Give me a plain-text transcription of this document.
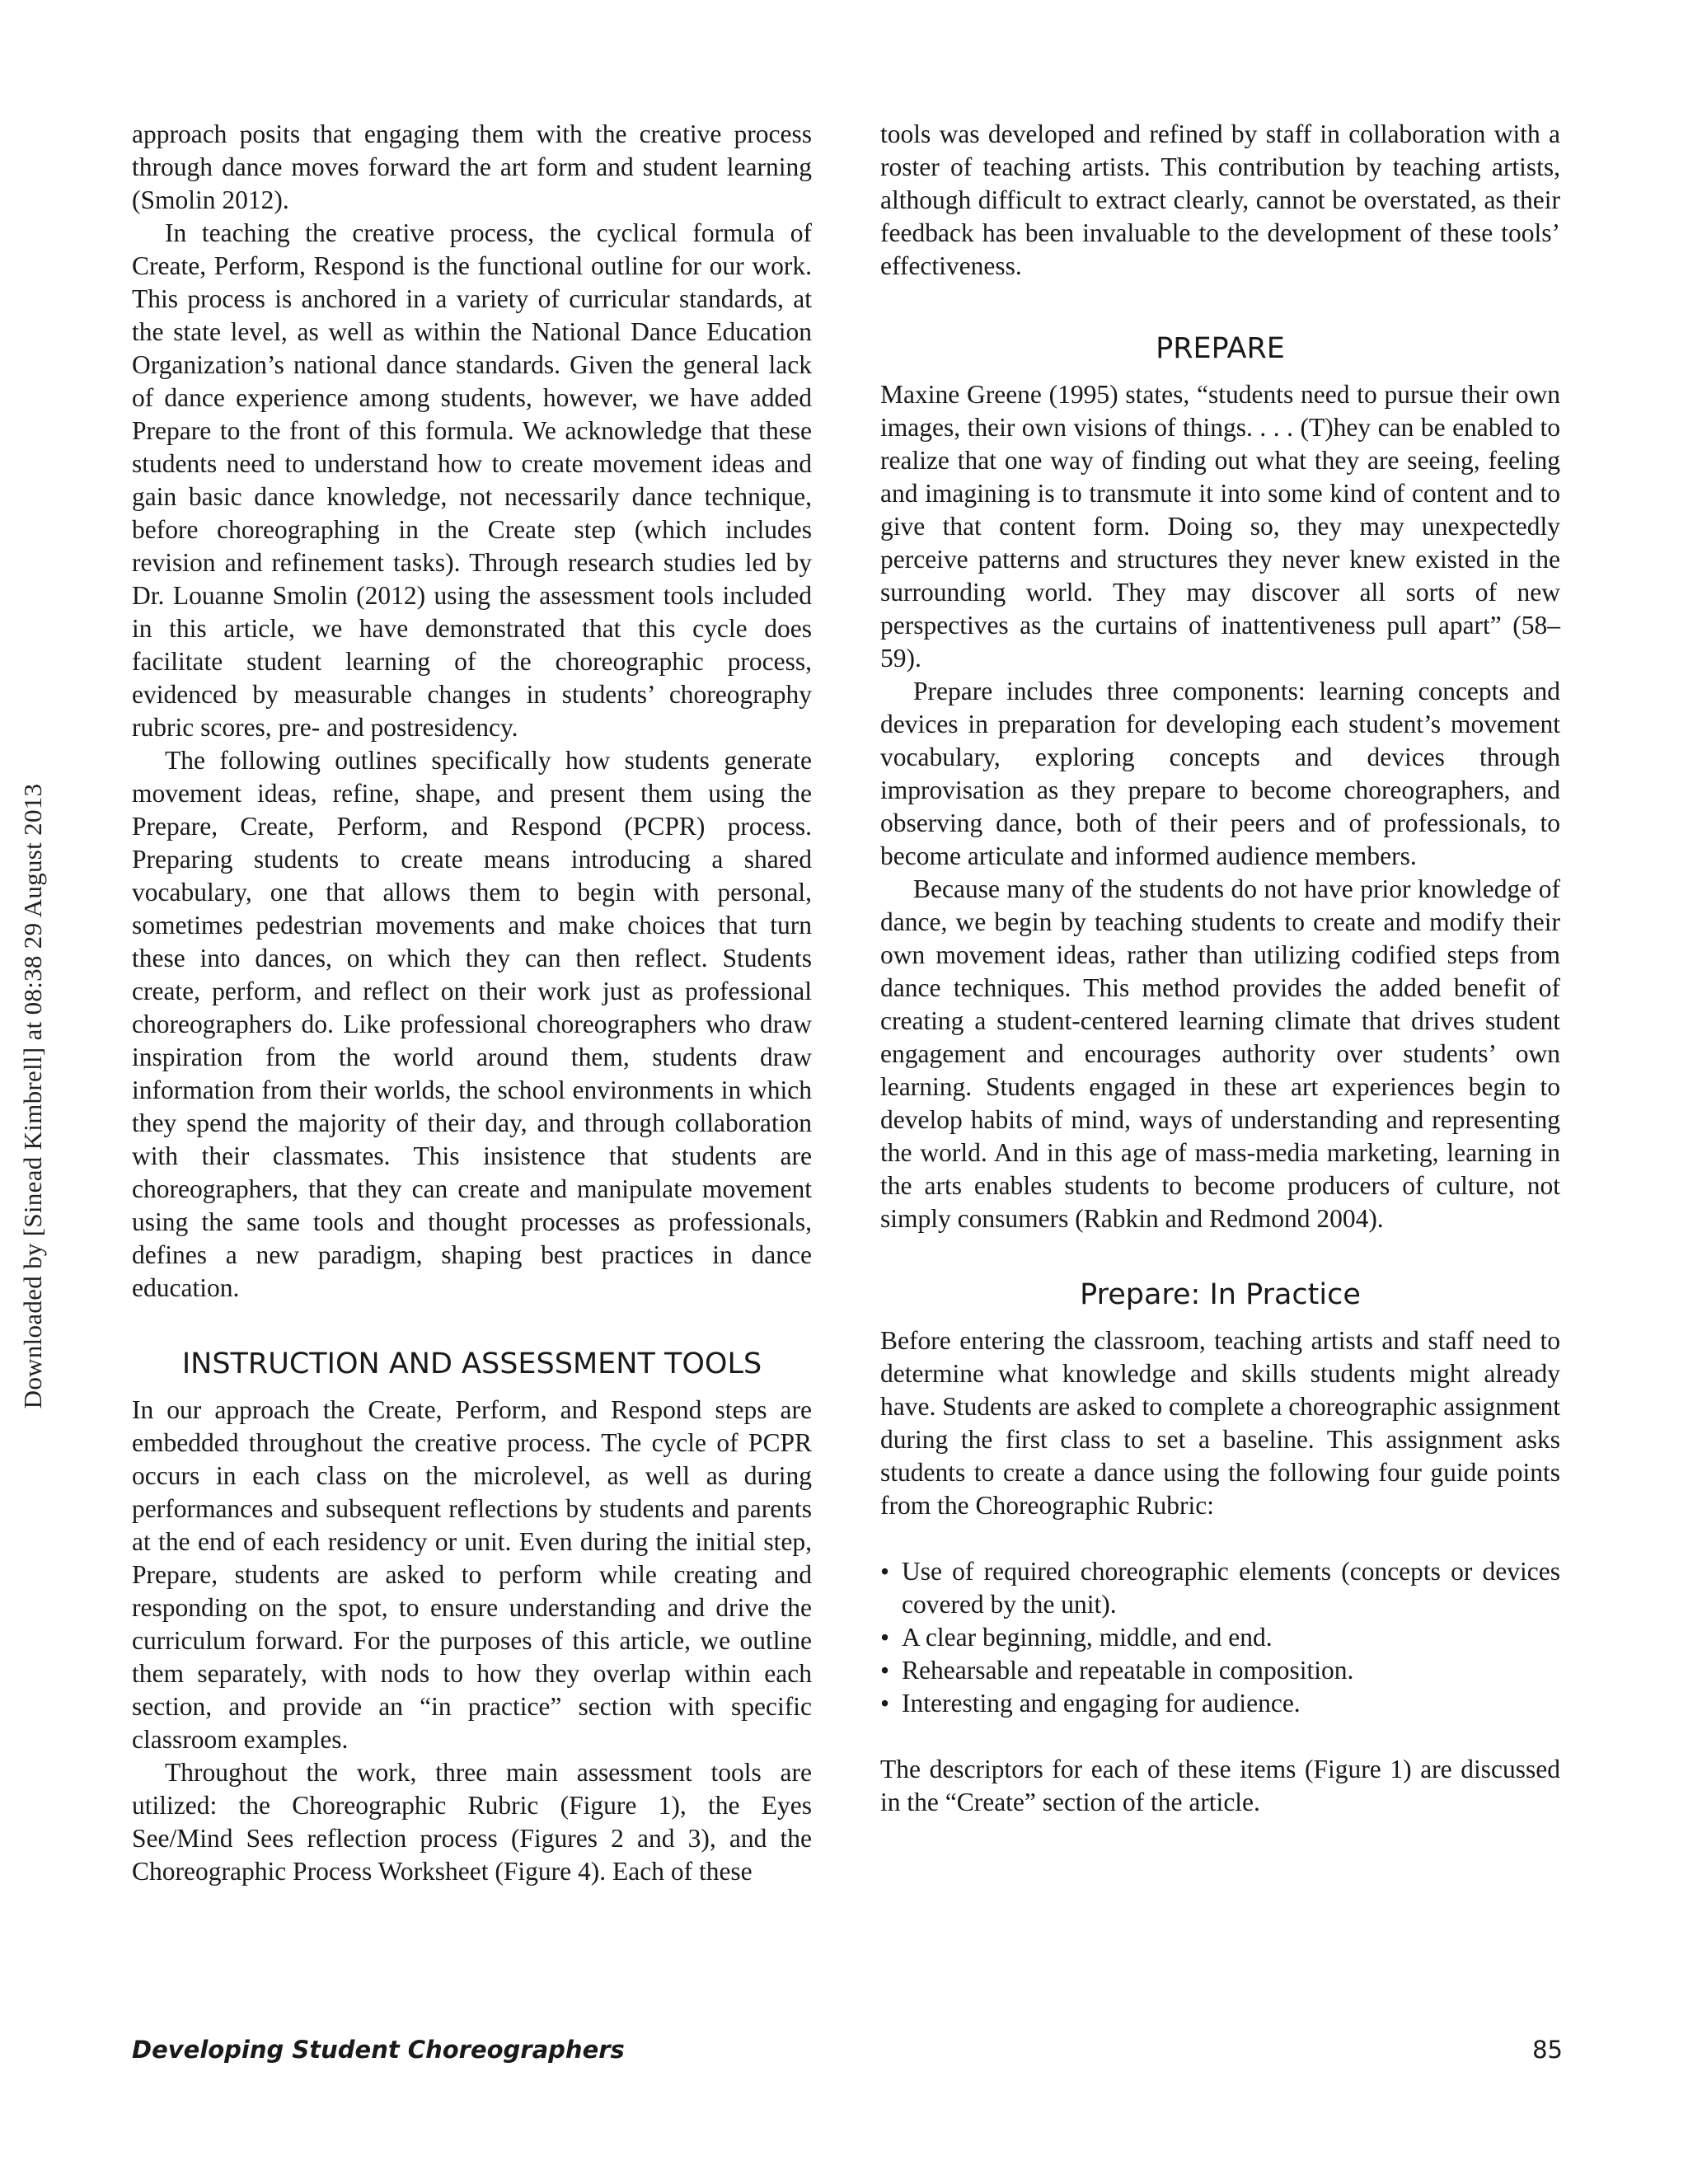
Downloaded by [Sinead Kimbrell] at 08:38 29 August 2013

approach posits that engaging them with the creative process through dance moves forward the art form and student learning (Smolin 2012).

In teaching the creative process, the cyclical formula of Create, Perform, Respond is the functional outline for our work. This process is anchored in a variety of curricular standards, at the state level, as well as within the National Dance Education Organization’s national dance standards. Given the general lack of dance experience among students, however, we have added Prepare to the front of this formula. We acknowledge that these students need to understand how to create movement ideas and gain basic dance knowledge, not necessarily dance technique, before choreographing in the Create step (which includes revision and refinement tasks). Through research studies led by Dr. Louanne Smolin (2012) using the assessment tools included in this article, we have demonstrated that this cycle does facilitate student learning of the choreographic process, evidenced by measurable changes in students’ choreography rubric scores, pre- and postresidency.

The following outlines specifically how students generate movement ideas, refine, shape, and present them using the Prepare, Create, Perform, and Respond (PCPR) process. Preparing students to create means introducing a shared vocabulary, one that allows them to begin with personal, sometimes pedestrian movements and make choices that turn these into dances, on which they can then reflect. Students create, perform, and reflect on their work just as professional choreographers do. Like professional choreographers who draw inspiration from the world around them, students draw information from their worlds, the school environments in which they spend the majority of their day, and through collaboration with their classmates. This insistence that students are choreographers, that they can create and manipulate movement using the same tools and thought processes as professionals, defines a new paradigm, shaping best practices in dance education.

INSTRUCTION AND ASSESSMENT TOOLS

In our approach the Create, Perform, and Respond steps are embedded throughout the creative process. The cycle of PCPR occurs in each class on the microlevel, as well as during performances and subsequent reflections by students and parents at the end of each residency or unit. Even during the initial step, Prepare, students are asked to perform while creating and responding on the spot, to ensure understanding and drive the curriculum forward. For the purposes of this article, we outline them separately, with nods to how they overlap within each section, and provide an “in practice” section with specific classroom examples.

Throughout the work, three main assessment tools are utilized: the Choreographic Rubric (Figure 1), the Eyes See/Mind Sees reflection process (Figures 2 and 3), and the Choreographic Process Worksheet (Figure 4). Each of these

tools was developed and refined by staff in collaboration with a roster of teaching artists. This contribution by teaching artists, although difficult to extract clearly, cannot be overstated, as their feedback has been invaluable to the development of these tools’ effectiveness.

PREPARE

Maxine Greene (1995) states, “students need to pursue their own images, their own visions of things. . . . (T)hey can be enabled to realize that one way of finding out what they are seeing, feeling and imagining is to transmute it into some kind of content and to give that content form. Doing so, they may unexpectedly perceive patterns and structures they never knew existed in the surrounding world. They may discover all sorts of new perspectives as the curtains of inattentiveness pull apart” (58–59).

Prepare includes three components: learning concepts and devices in preparation for developing each student’s movement vocabulary, exploring concepts and devices through improvisation as they prepare to become choreographers, and observing dance, both of their peers and of professionals, to become articulate and informed audience members.

Because many of the students do not have prior knowledge of dance, we begin by teaching students to create and modify their own movement ideas, rather than utilizing codified steps from dance techniques. This method provides the added benefit of creating a student-centered learning climate that drives student engagement and encourages authority over students’ own learning. Students engaged in these art experiences begin to develop habits of mind, ways of understanding and representing the world. And in this age of mass-media marketing, learning in the arts enables students to become producers of culture, not simply consumers (Rabkin and Redmond 2004).

Prepare: In Practice

Before entering the classroom, teaching artists and staff need to determine what knowledge and skills students might already have. Students are asked to complete a choreographic assignment during the first class to set a baseline. This assignment asks students to create a dance using the following four guide points from the Choreographic Rubric:

• Use of required choreographic elements (concepts or devices covered by the unit).
• A clear beginning, middle, and end.
• Rehearsable and repeatable in composition.
• Interesting and engaging for audience.

The descriptors for each of these items (Figure 1) are discussed in the “Create” section of the article.

Developing Student Choreographers	85
